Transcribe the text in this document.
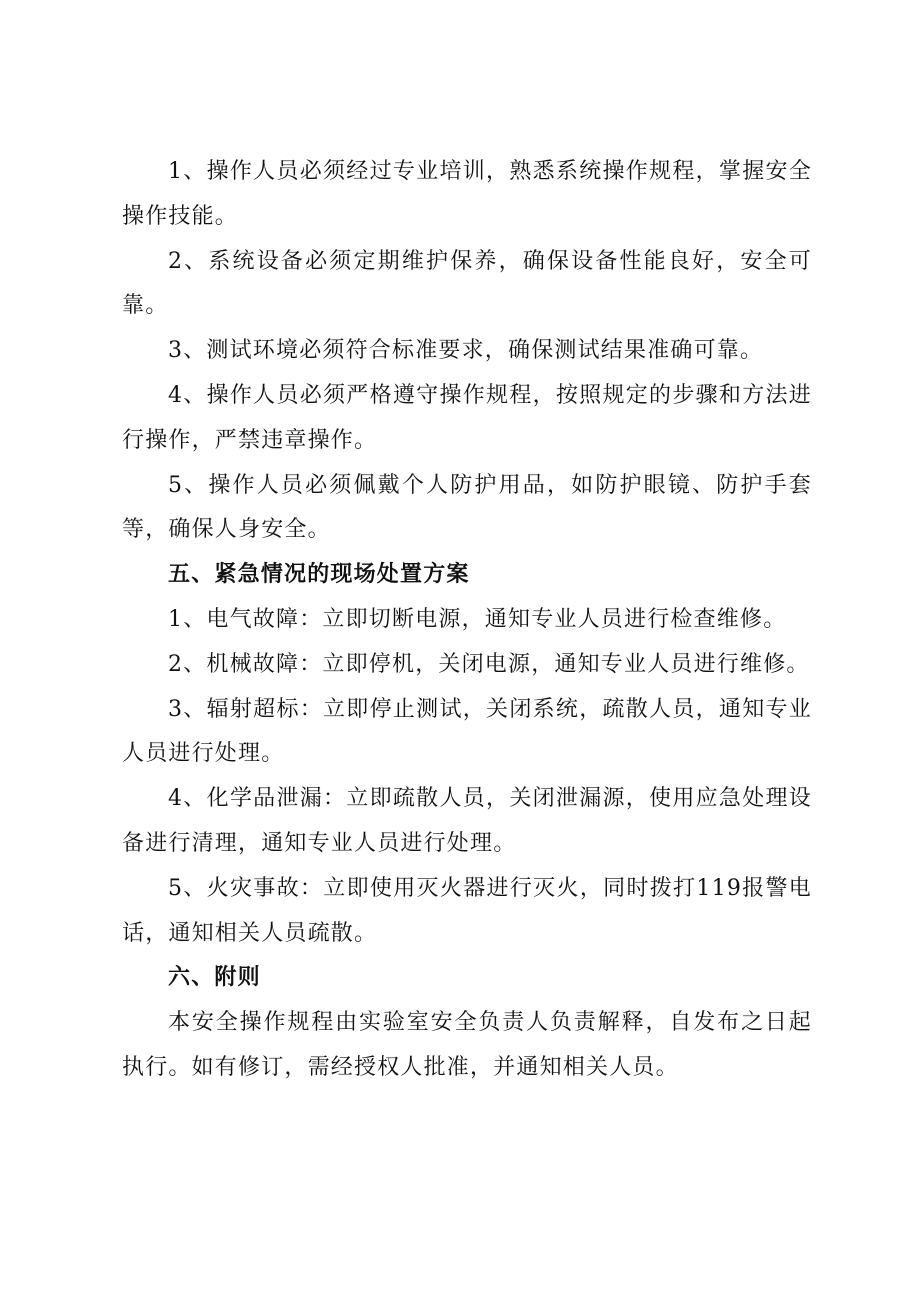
1、操作人员必须经过专业培训，熟悉系统操作规程，掌握安全操作技能。

2、系统设备必须定期维护保养，确保设备性能良好，安全可靠。

3、测试环境必须符合标准要求，确保测试结果准确可靠。

4、操作人员必须严格遵守操作规程，按照规定的步骤和方法进行操作，严禁违章操作。

5、操作人员必须佩戴个人防护用品，如防护眼镜、防护手套等，确保人身安全。

五、紧急情况的现场处置方案

1、电气故障：立即切断电源，通知专业人员进行检查维修。

2、机械故障：立即停机，关闭电源，通知专业人员进行维修。

3、辐射超标：立即停止测试，关闭系统，疏散人员，通知专业人员进行处理。

4、化学品泄漏：立即疏散人员，关闭泄漏源，使用应急处理设备进行清理，通知专业人员进行处理。

5、火灾事故：立即使用灭火器进行灭火，同时拨打119报警电话，通知相关人员疏散。

六、附则

本安全操作规程由实验室安全负责人负责解释，自发布之日起执行。如有修订，需经授权人批准，并通知相关人员。
